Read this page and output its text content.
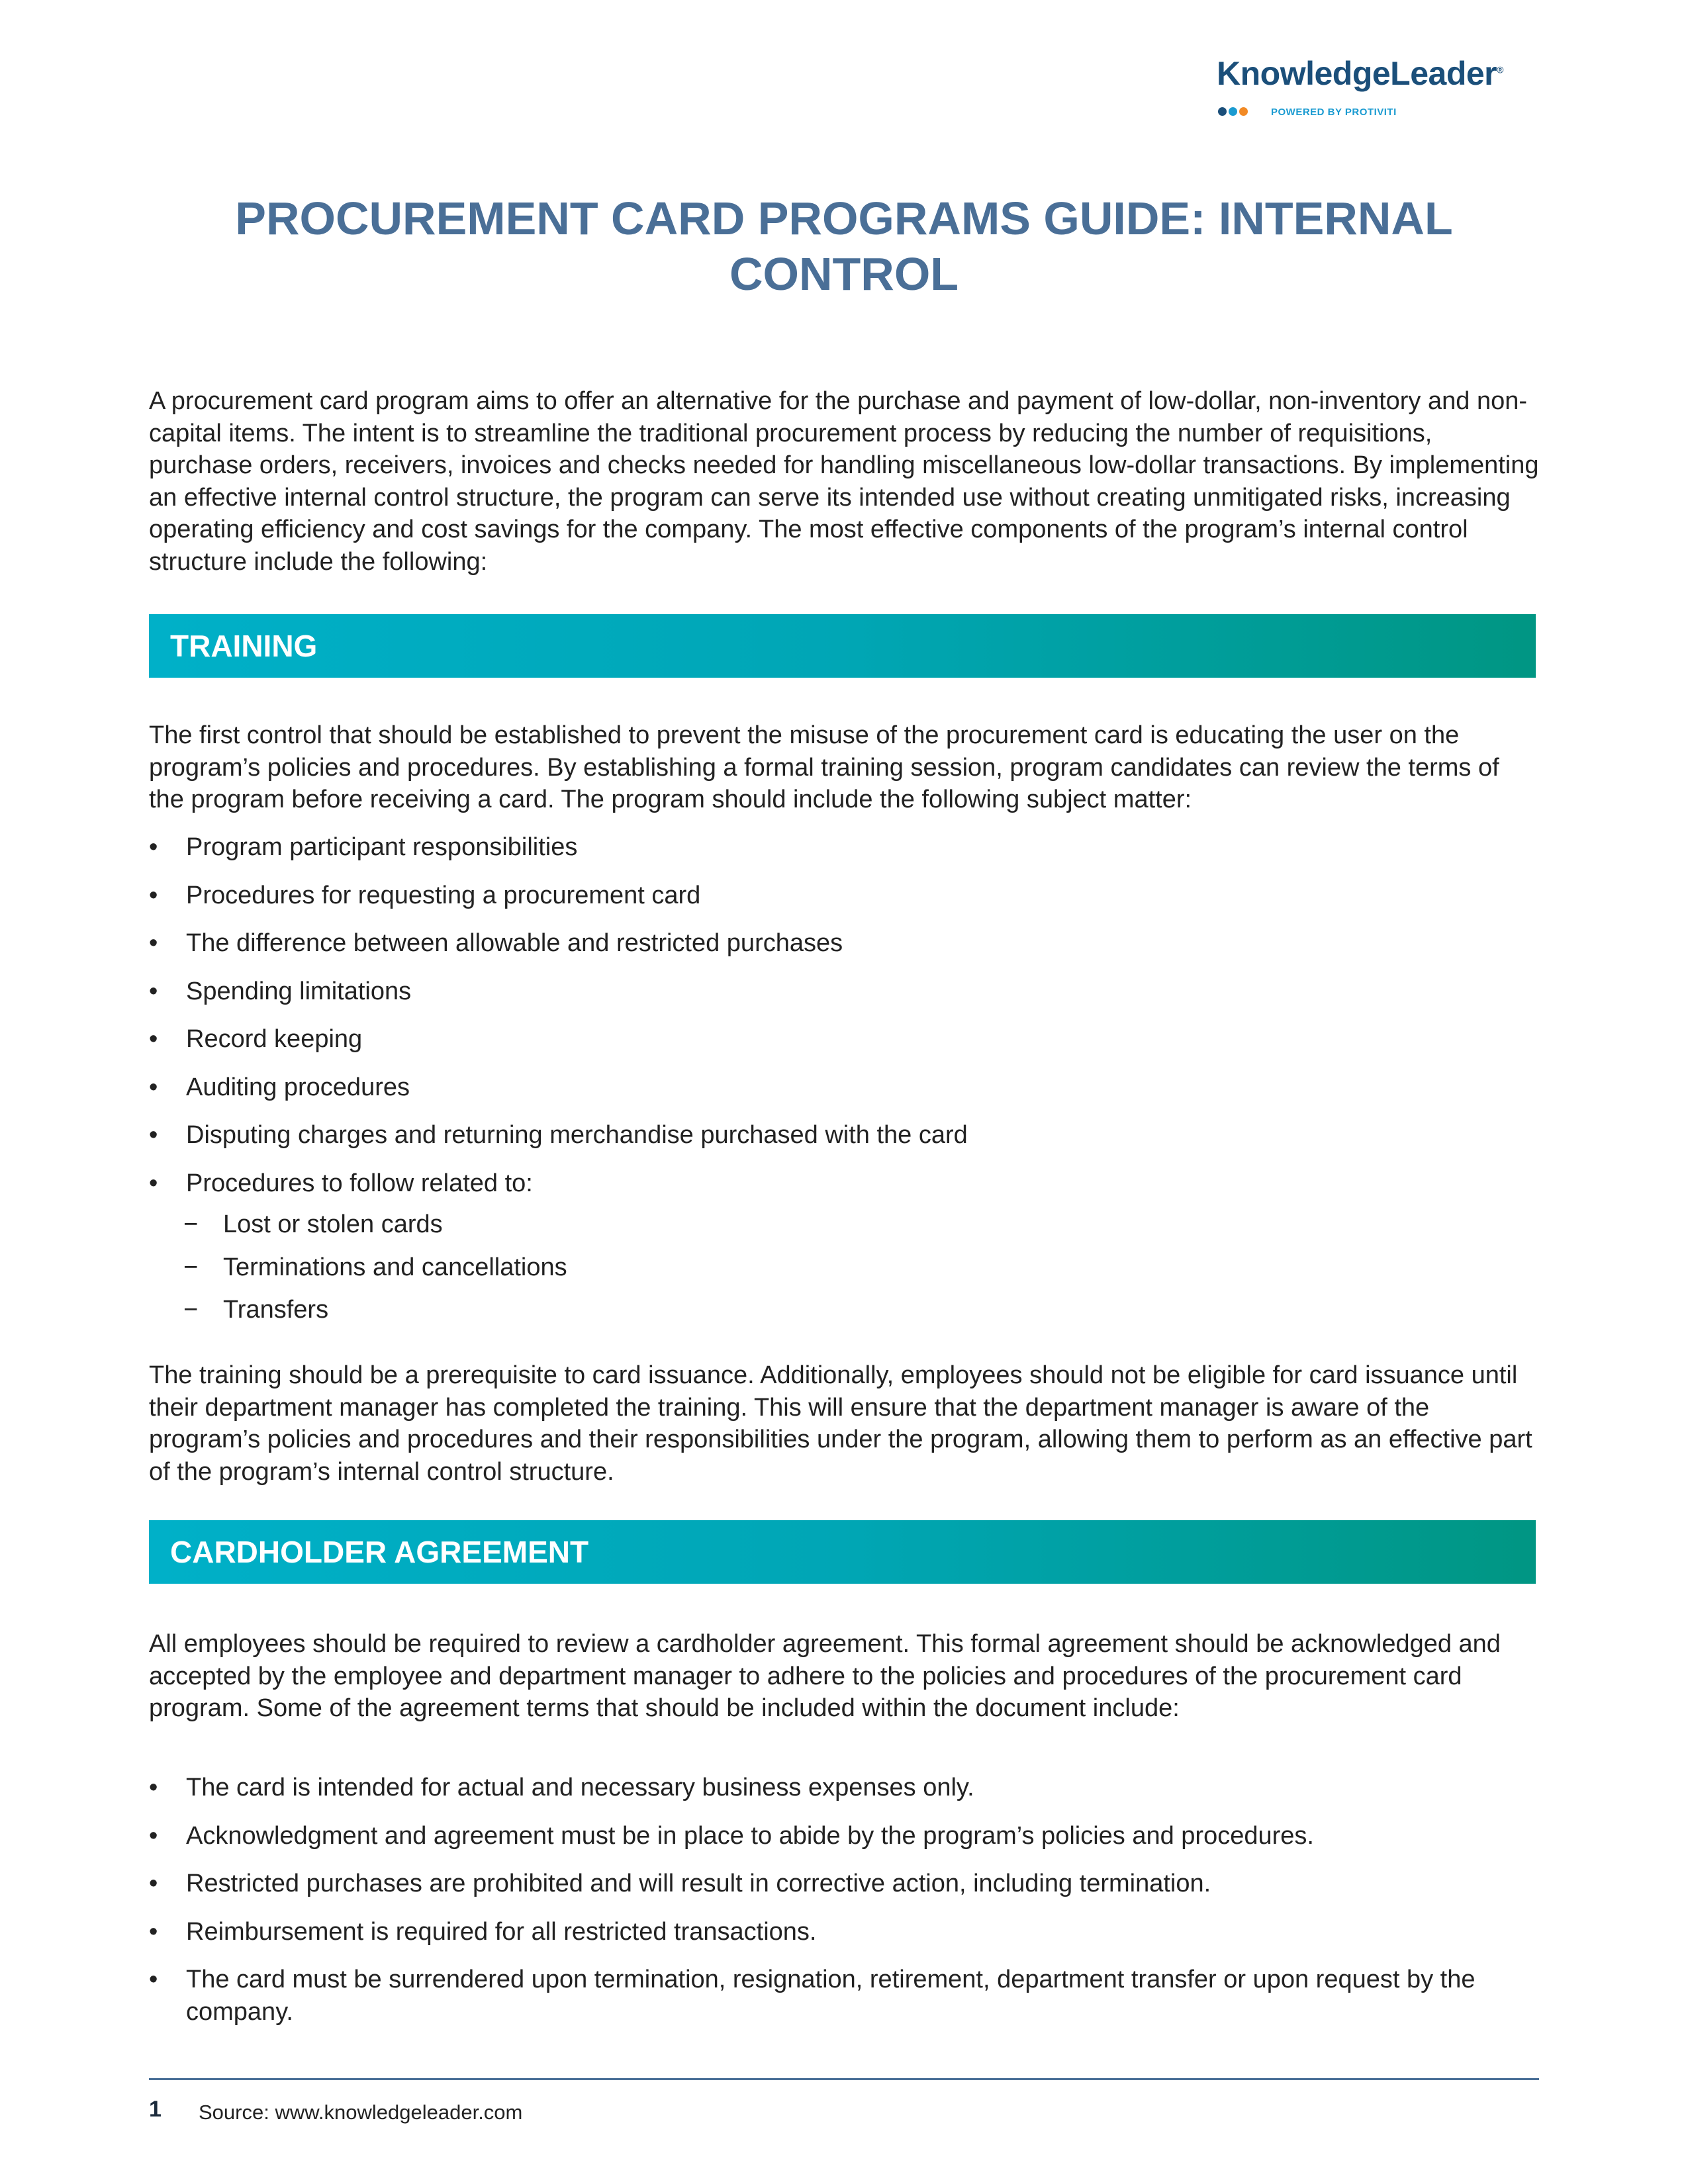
KnowledgeLeader®
POWERED BY PROTIVITI
PROCUREMENT CARD PROGRAMS GUIDE: INTERNAL CONTROL

A procurement card program aims to offer an alternative for the purchase and payment of low-dollar, non-inventory and non-capital items. The intent is to streamline the traditional procurement process by reducing the number of requisitions, purchase orders, receivers, invoices and checks needed for handling miscellaneous low-dollar transactions. By implementing an effective internal control structure, the program can serve its intended use without creating unmitigated risks, increasing operating efficiency and cost savings for the company. The most effective components of the program’s internal control structure include the following:

TRAINING

The first control that should be established to prevent the misuse of the procurement card is educating the user on the program’s policies and procedures. By establishing a formal training session, program candidates can review the terms of the program before receiving a card. The program should include the following subject matter:

• Program participant responsibilities
• Procedures for requesting a procurement card
• The difference between allowable and restricted purchases
• Spending limitations
• Record keeping
• Auditing procedures
• Disputing charges and returning merchandise purchased with the card
• Procedures to follow related to:
− Lost or stolen cards
− Terminations and cancellations
− Transfers

The training should be a prerequisite to card issuance. Additionally, employees should not be eligible for card issuance until their department manager has completed the training. This will ensure that the department manager is aware of the program’s policies and procedures and their responsibilities under the program, allowing them to perform as an effective part of the program’s internal control structure.

CARDHOLDER AGREEMENT

All employees should be required to review a cardholder agreement. This formal agreement should be acknowledged and accepted by the employee and department manager to adhere to the policies and procedures of the procurement card program. Some of the agreement terms that should be included within the document include:

• The card is intended for actual and necessary business expenses only.
• Acknowledgment and agreement must be in place to abide by the program’s policies and procedures.
• Restricted purchases are prohibited and will result in corrective action, including termination.
• Reimbursement is required for all restricted transactions.
• The card must be surrendered upon termination, resignation, retirement, department transfer or upon request by the company.
1 Source: www.knowledgeleader.com
